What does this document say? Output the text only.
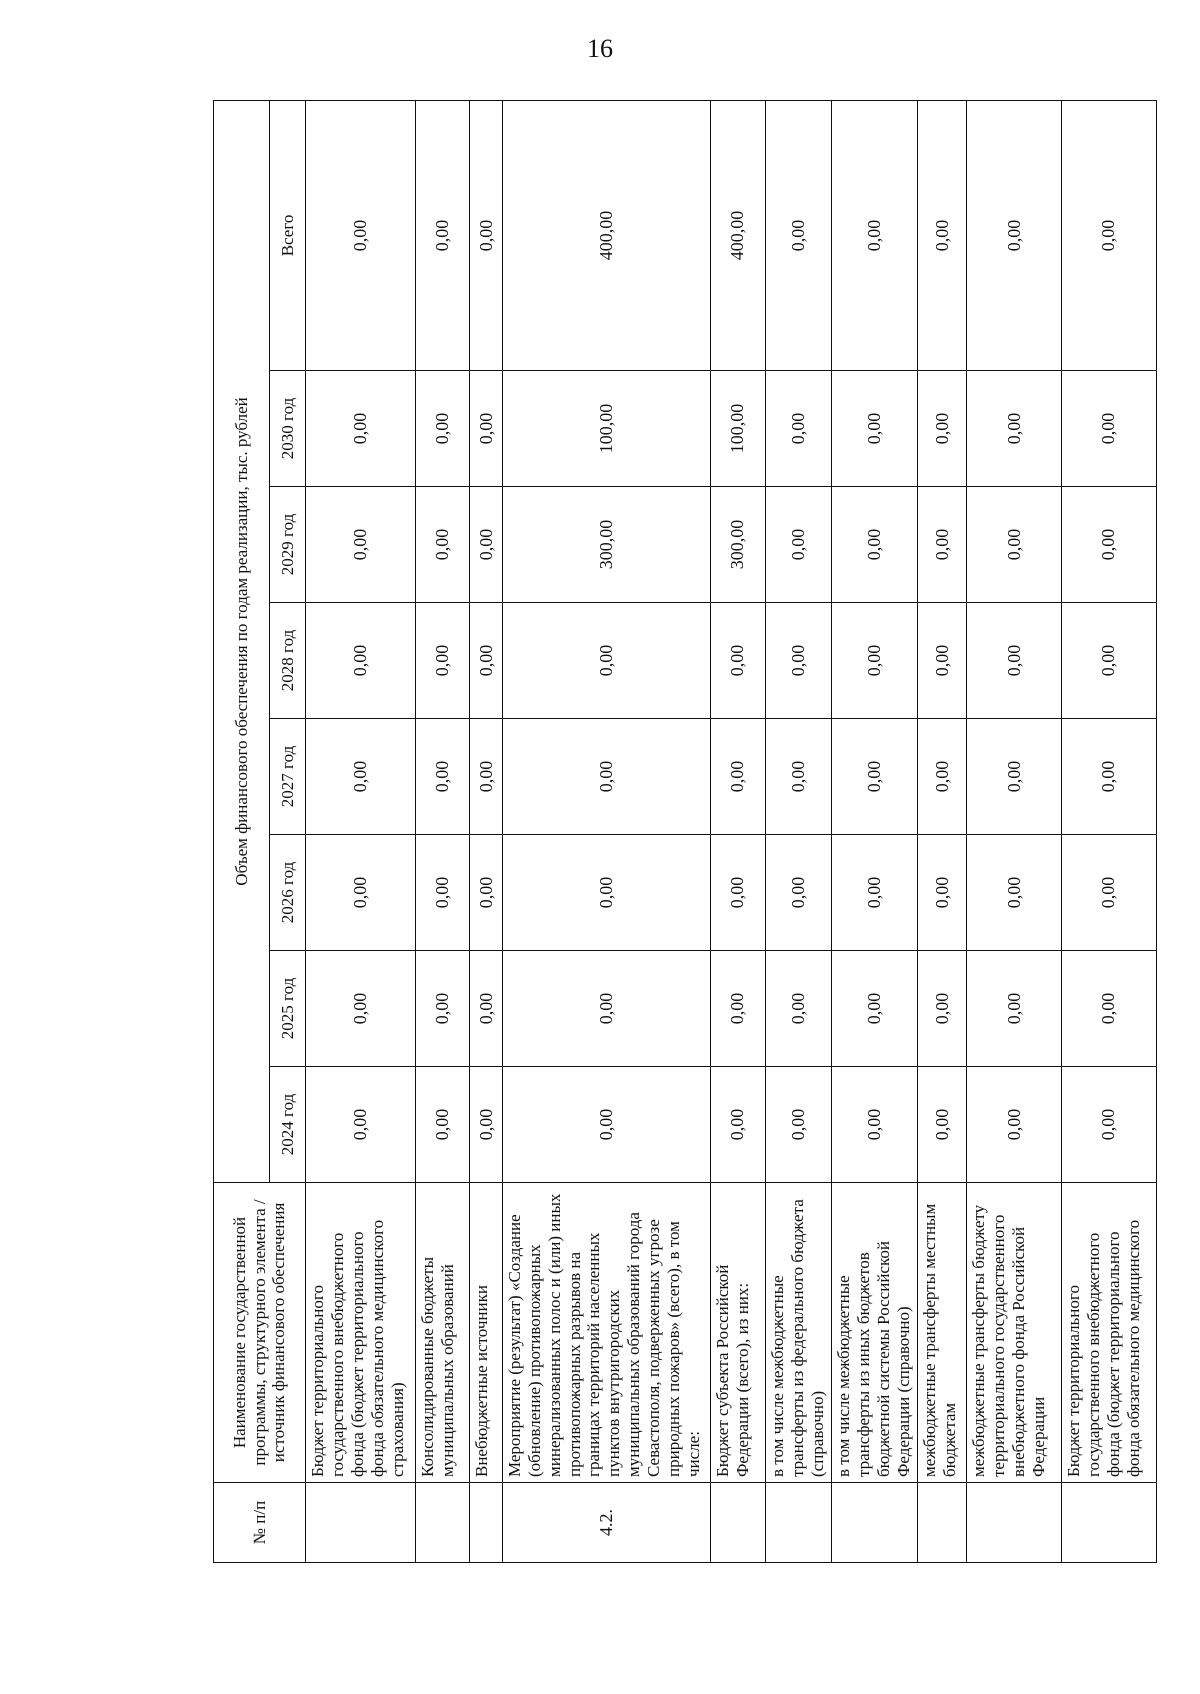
16
№ п/п	Наименование государственной программы, структурного элемента / источник финансового обеспечения	Объем финансового обеспечения по годам реализации, тыс. рублей							
		2024 год	2025 год	2026 год	2027 год	2028 год	2029 год	2030 год	Всего
	Бюджет территориального государственного внебюджетного фонда (бюджет территориального фонда обязательного медицинского страхования)	0,00	0,00	0,00	0,00	0,00	0,00	0,00	0,00
	Консолидированные бюджеты муниципальных образований	0,00	0,00	0,00	0,00	0,00	0,00	0,00	0,00
	Внебюджетные источники	0,00	0,00	0,00	0,00	0,00	0,00	0,00	0,00
4.2.	Мероприятие (результат) «Создание (обновление) противопожарных минерализованных полос и (или) иных противопожарных разрывов на границах территорий населенных пунктов внутригородских муниципальных образований города Севастополя, подверженных угрозе природных пожаров» (всего), в том числе:	0,00	0,00	0,00	0,00	0,00	300,00	100,00	400,00
	Бюджет субъекта Российской Федерации (всего), из них:	0,00	0,00	0,00	0,00	0,00	300,00	100,00	400,00
	в том числе межбюджетные трансферты из федерального бюджета (справочно)	0,00	0,00	0,00	0,00	0,00	0,00	0,00	0,00
	в том числе межбюджетные трансферты из иных бюджетов бюджетной системы Российской Федерации (справочно)	0,00	0,00	0,00	0,00	0,00	0,00	0,00	0,00
	межбюджетные трансферты местным бюджетам	0,00	0,00	0,00	0,00	0,00	0,00	0,00	0,00
	межбюджетные трансферты бюджету территориального государственного внебюджетного фонда Российской Федерации	0,00	0,00	0,00	0,00	0,00	0,00	0,00	0,00
	Бюджет территориального государственного внебюджетного фонда (бюджет территориального фонда обязательного медицинского	0,00	0,00	0,00	0,00	0,00	0,00	0,00	0,00
